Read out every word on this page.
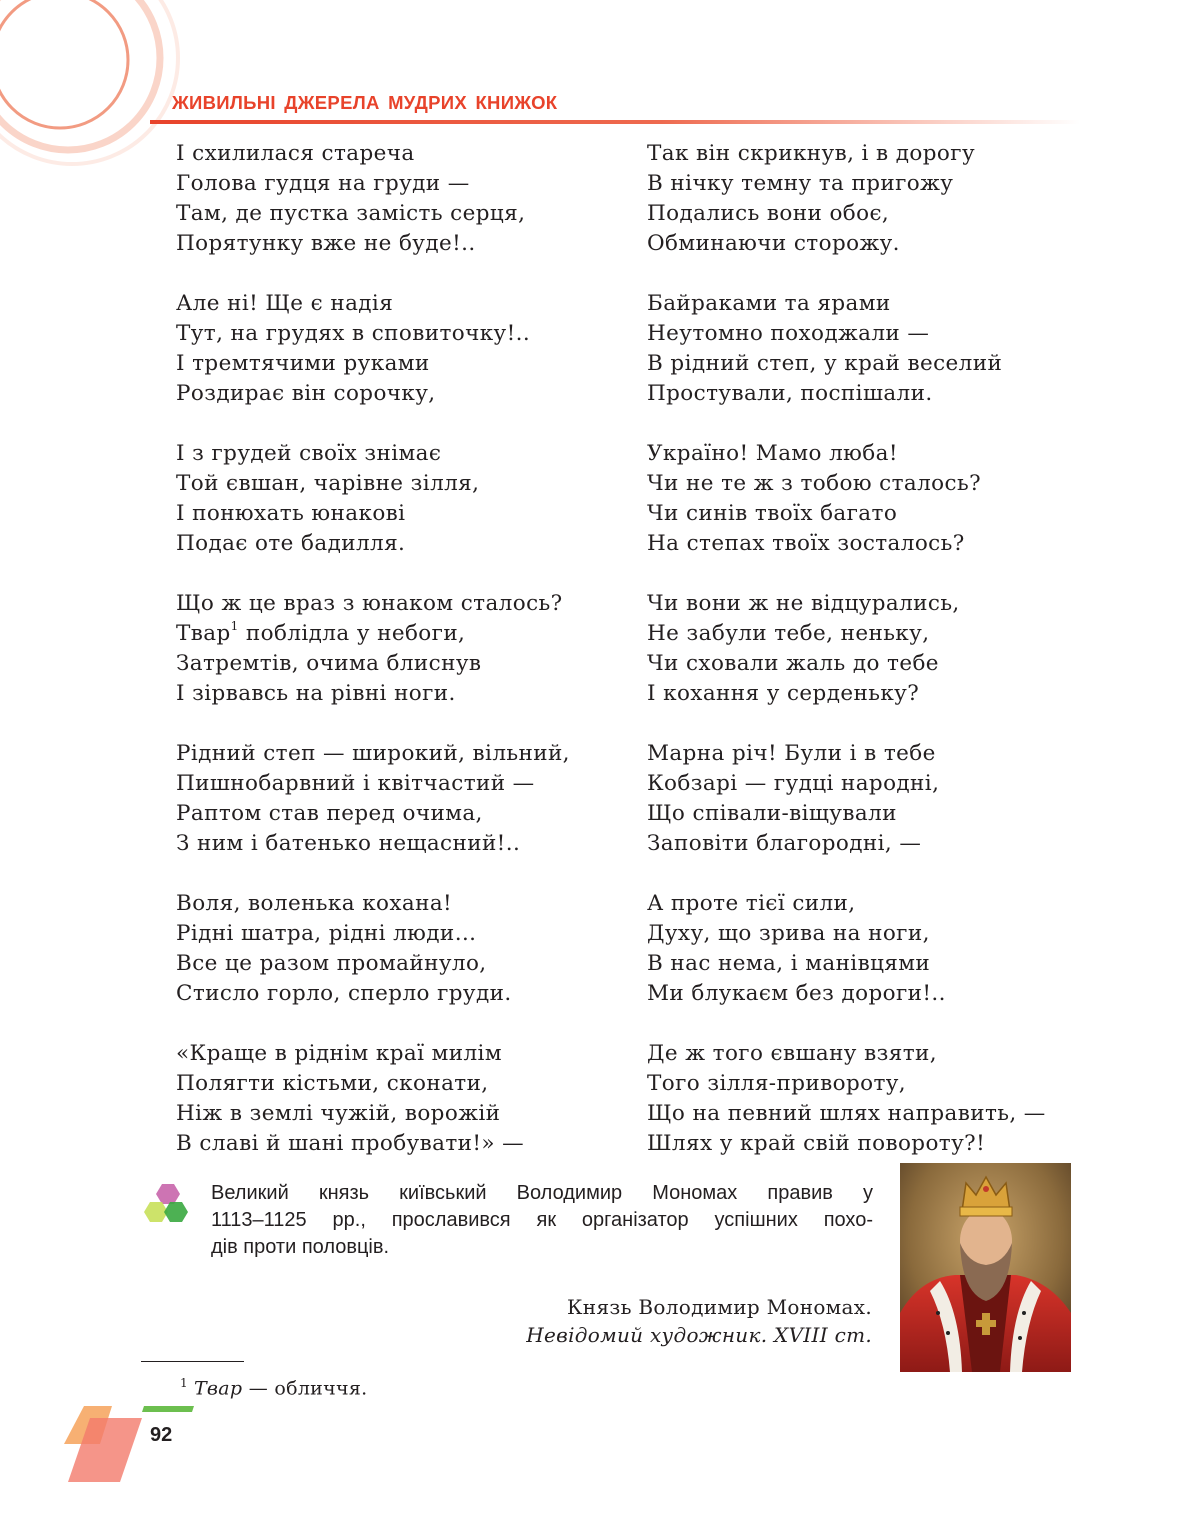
ЖИВИЛЬНІ ДЖЕРЕЛА МУДРИХ КНИЖОК
І схилилася стареча
Голова гудця на груди —
Там, де пустка замість серця,
Порятунку вже не буде!..
Але ні! Ще є надія
Тут, на грудях в сповиточку!..
І тремтячими руками
Роздирає він сорочку,
І з грудей своїх знімає
Той євшан, чарівне зілля,
І понюхать юнакові
Подає оте бадилля.
Що ж це враз з юнаком сталось?
Твар$^1$ поблідла у небоги,
Затремтів, очима блиснув
І зірвавсь на рівні ноги.
Рідний степ — широкий, вільний,
Пишнобарвний і квітчастий —
Раптом став перед очима,
З ним і батенько нещасний!..
Воля, воленька кохана!
Рідні шатра, рідні люди…
Все це разом промайнуло,
Стисло горло, сперло груди.
«Краще в ріднім краї милім
Полягти кістьми, сконати,
Ніж в землі чужій, ворожій
В славі й шані пробувати!» —
Так він скрикнув, і в дорогу
В нічку темну та пригожу
Подались вони обоє,
Обминаючи сторожу.
Байраками та ярами
Неутомно походжали —
В рідний степ, у край веселий
Простували, поспішали.
Україно! Мамо люба!
Чи не те ж з тобою сталось?
Чи синів твоїх багато
На степах твоїх зосталось?
Чи вони ж не відцурались,
Не забули тебе, неньку,
Чи сховали жаль до тебе
І кохання у серденьку?
Марна річ! Були і в тебе
Кобзарі — гудці народні,
Що співали-віщували
Заповіти благородні, —
А проте тієї сили,
Духу, що зрива на ноги,
В нас нема, і манівцями
Ми блукаєм без дороги!..
Де ж того євшану взяти,
Того зілля-привороту,
Що на певний шлях направить, —
Шлях у край свій повороту?!
Великий князь київський Володимир Мономах правив у
1113–1125 рр., прославився як організатор успішних похо-
дів проти половців.
Князь Володимир Мономах.
Невідомий художник. XVIII ст.
$^1$ Твар — обличчя.
92
